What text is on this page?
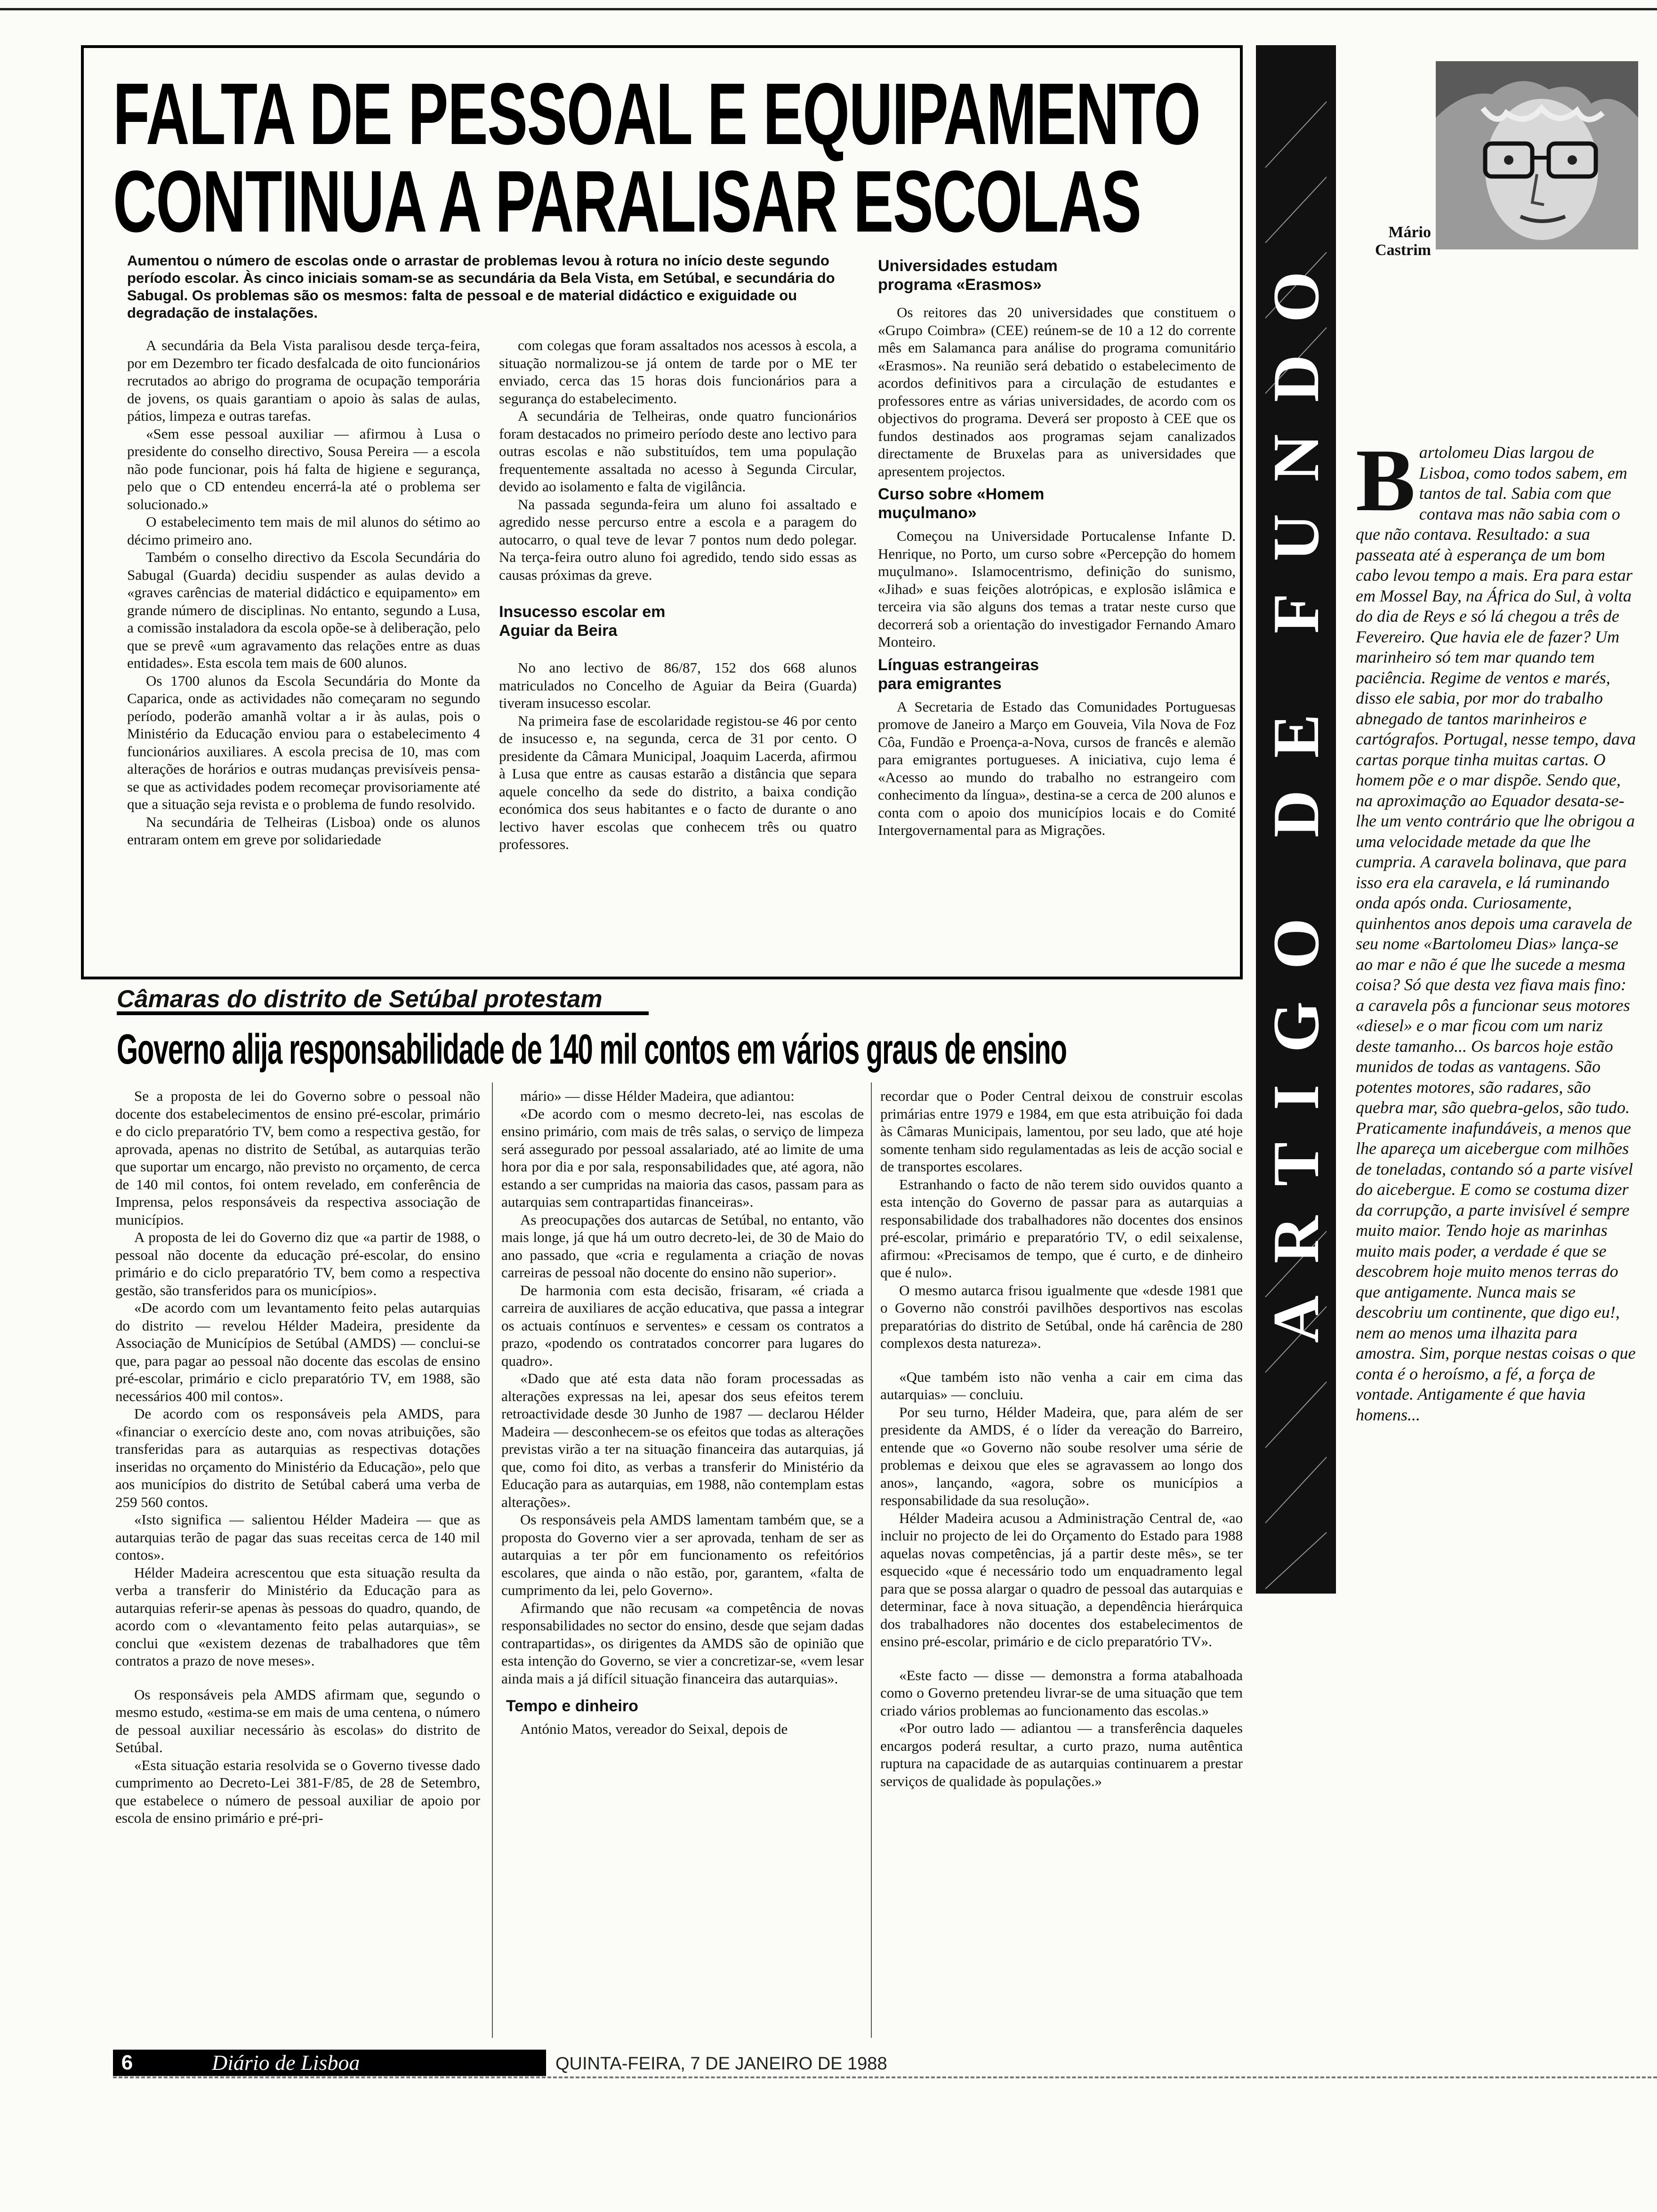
FALTA DE PESSOAL E EQUIPAMENTO
CONTINUA A PARALISAR ESCOLAS

Aumentou o número de escolas onde o arrastar de problemas levou à rotura no início deste segundo período escolar. Às cinco iniciais somam-se as secundária da Bela Vista, em Setúbal, e secundária do Sabugal. Os problemas são os mesmos: falta de pessoal e de material didáctico e exiguidade ou degradação de instalações.

A secundária da Bela Vista paralisou desde terça-feira, por em Dezembro ter ficado desfalcada de oito funcionários recrutados ao abrigo do programa de ocupação temporária de jovens, os quais garantiam o apoio às salas de aulas, pátios, limpeza e outras tarefas.

«Sem esse pessoal auxiliar — afirmou à Lusa o presidente do conselho directivo, Sousa Pereira — a escola não pode funcionar, pois há falta de higiene e segurança, pelo que o CD entendeu encerrá-la até o problema ser solucionado.»

O estabelecimento tem mais de mil alunos do sétimo ao décimo primeiro ano.

Também o conselho directivo da Escola Secundária do Sabugal (Guarda) decidiu suspender as aulas devido a «graves carências de material didáctico e equipamento» em grande número de disciplinas. No entanto, segundo a Lusa, a comissão instaladora da escola opõe-se à deliberação, pelo que se prevê «um agravamento das relações entre as duas entidades». Esta escola tem mais de 600 alunos.

Os 1700 alunos da Escola Secundária do Monte da Caparica, onde as actividades não começaram no segundo período, poderão amanhã voltar a ir às aulas, pois o Ministério da Educação enviou para o estabelecimento 4 funcionários auxiliares. A escola precisa de 10, mas com alterações de horários e outras mudanças previsíveis pensa-se que as actividades podem recomeçar provisoriamente até que a situação seja revista e o problema de fundo resolvido.

Na secundária de Telheiras (Lisboa) onde os alunos entraram ontem em greve por solidariedade

com colegas que foram assaltados nos acessos à escola, a situação normalizou-se já ontem de tarde por o ME ter enviado, cerca das 15 horas dois funcionários para a segurança do estabelecimento.

A secundária de Telheiras, onde quatro funcionários foram destacados no primeiro período deste ano lectivo para outras escolas e não substituídos, tem uma população frequentemente assaltada no acesso à Segunda Circular, devido ao isolamento e falta de vigilância.

Na passada segunda-feira um aluno foi assaltado e agredido nesse percurso entre a escola e a paragem do autocarro, o qual teve de levar 7 pontos num dedo polegar. Na terça-feira outro aluno foi agredido, tendo sido essas as causas próximas da greve.

Insucesso escolar em Aguiar da Beira

No ano lectivo de 86/87, 152 dos 668 alunos matriculados no Concelho de Aguiar da Beira (Guarda) tiveram insucesso escolar.

Na primeira fase de escolaridade registou-se 46 por cento de insucesso e, na segunda, cerca de 31 por cento. O presidente da Câmara Municipal, Joaquim Lacerda, afirmou à Lusa que entre as causas estarão a distância que separa aquele concelho da sede do distrito, a baixa condição económica dos seus habitantes e o facto de durante o ano lectivo haver escolas que conhecem três ou quatro professores.

Universidades estudam programa «Erasmos»

Os reitores das 20 universidades que constituem o «Grupo Coimbra» (CEE) reúnem-se de 10 a 12 do corrente mês em Salamanca para análise do programa comunitário «Erasmos». Na reunião será debatido o estabelecimento de acordos definitivos para a circulação de estudantes e professores entre as várias universidades, de acordo com os objectivos do programa. Deverá ser proposto à CEE que os fundos destinados aos programas sejam canalizados directamente de Bruxelas para as universidades que apresentem projectos.

Curso sobre «Homem muçulmano»

Começou na Universidade Portucalense Infante D. Henrique, no Porto, um curso sobre «Percepção do homem muçulmano». Islamocentrismo, definição do sunismo, «Jihad» e suas feições alotrópicas, e explosão islâmica e terceira via são alguns dos temas a tratar neste curso que decorrerá sob a orientação do investigador Fernando Amaro Monteiro.

Línguas estrangeiras para emigrantes

A Secretaria de Estado das Comunidades Portuguesas promove de Janeiro a Março em Gouveia, Vila Nova de Foz Côa, Fundão e Proença-a-Nova, cursos de francês e alemão para emigrantes portugueses. A iniciativa, cujo lema é «Acesso ao mundo do trabalho no estrangeiro com conhecimento da língua», destina-se a cerca de 200 alunos e conta com o apoio dos municípios locais e do Comité Intergovernamental para as Migrações.

Câmaras do distrito de Setúbal protestam
Governo alija responsabilidade de 140 mil contos em vários graus de ensino

Se a proposta de lei do Governo sobre o pessoal não docente dos estabelecimentos de ensino pré-escolar, primário e do ciclo preparatório TV, bem como a respectiva gestão, for aprovada, apenas no distrito de Setúbal, as autarquias terão que suportar um encargo, não previsto no orçamento, de cerca de 140 mil contos, foi ontem revelado, em conferência de Imprensa, pelos responsáveis da respectiva associação de municípios.

A proposta de lei do Governo diz que «a partir de 1988, o pessoal não docente da educação pré-escolar, do ensino primário e do ciclo preparatório TV, bem como a respectiva gestão, são transferidos para os municípios».

«De acordo com um levantamento feito pelas autarquias do distrito — revelou Hélder Madeira, presidente da Associação de Municípios de Setúbal (AMDS) — conclui-se que, para pagar ao pessoal não docente das escolas de ensino pré-escolar, primário e ciclo preparatório TV, em 1988, são necessários 400 mil contos».

De acordo com os responsáveis pela AMDS, para «financiar o exercício deste ano, com novas atribuições, são transferidas para as autarquias as respectivas dotações inseridas no orçamento do Ministério da Educação», pelo que aos municípios do distrito de Setúbal caberá uma verba de 259 560 contos.

«Isto significa — salientou Hélder Madeira — que as autarquias terão de pagar das suas receitas cerca de 140 mil contos».

Hélder Madeira acrescentou que esta situação resulta da verba a transferir do Ministério da Educação para as autarquias referir-se apenas às pessoas do quadro, quando, de acordo com o «levantamento feito pelas autarquias», se conclui que «existem dezenas de trabalhadores que têm contratos a prazo de nove meses».

Os responsáveis pela AMDS afirmam que, segundo o mesmo estudo, «estima-se em mais de uma centena, o número de pessoal auxiliar necessário às escolas» do distrito de Setúbal.

«Esta situação estaria resolvida se o Governo tivesse dado cumprimento ao Decreto-Lei 381-F/85, de 28 de Setembro, que estabelece o número de pessoal auxiliar de apoio por escola de ensino primário e pré-pri-

mário» — disse Hélder Madeira, que adiantou:

«De acordo com o mesmo decreto-lei, nas escolas de ensino primário, com mais de três salas, o serviço de limpeza será assegurado por pessoal assalariado, até ao limite de uma hora por dia e por sala, responsabilidades que, até agora, não estando a ser cumpridas na maioria das casos, passam para as autarquias sem contrapartidas financeiras».

As preocupações dos autarcas de Setúbal, no entanto, vão mais longe, já que há um outro decreto-lei, de 30 de Maio do ano passado, que «cria e regulamenta a criação de novas carreiras de pessoal não docente do ensino não superior».

De harmonia com esta decisão, frisaram, «é criada a carreira de auxiliares de acção educativa, que passa a integrar os actuais contínuos e serventes» e cessam os contratos a prazo, «podendo os contratados concorrer para lugares do quadro».

«Dado que até esta data não foram processadas as alterações expressas na lei, apesar dos seus efeitos terem retroactividade desde 30 Junho de 1987 — declarou Hélder Madeira — desconhecem-se os efeitos que todas as alterações previstas virão a ter na situação financeira das autarquias, já que, como foi dito, as verbas a transferir do Ministério da Educação para as autarquias, em 1988, não contemplam estas alterações».

Os responsáveis pela AMDS lamentam também que, se a proposta do Governo vier a ser aprovada, tenham de ser as autarquias a ter pôr em funcionamento os refeitórios escolares, que ainda o não estão, por, garantem, «falta de cumprimento da lei, pelo Governo».

Afirmando que não recusam «a competência de novas responsabilidades no sector do ensino, desde que sejam dadas contrapartidas», os dirigentes da AMDS são de opinião que esta intenção do Governo, se vier a concretizar-se, «vem lesar ainda mais a já difícil situação financeira das autarquias».

Tempo e dinheiro

António Matos, vereador do Seixal, depois de

recordar que o Poder Central deixou de construir escolas primárias entre 1979 e 1984, em que esta atribuição foi dada às Câmaras Municipais, lamentou, por seu lado, que até hoje somente tenham sido regulamentadas as leis de acção social e de transportes escolares.

Estranhando o facto de não terem sido ouvidos quanto a esta intenção do Governo de passar para as autarquias a responsabilidade dos trabalhadores não docentes dos ensinos pré-escolar, primário e preparatório TV, o edil seixalense, afirmou: «Precisamos de tempo, que é curto, e de dinheiro que é nulo».

O mesmo autarca frisou igualmente que «desde 1981 que o Governo não constrói pavilhões desportivos nas escolas preparatórias do distrito de Setúbal, onde há carência de 280 complexos desta natureza».

«Que também isto não venha a cair em cima das autarquias» — concluiu.

Por seu turno, Hélder Madeira, que, para além de ser presidente da AMDS, é o líder da vereação do Barreiro, entende que «o Governo não soube resolver uma série de problemas e deixou que eles se agravassem ao longo dos anos», lançando, «agora, sobre os municípios a responsabilidade da sua resolução».

Hélder Madeira acusou a Administração Central de, «ao incluir no projecto de lei do Orçamento do Estado para 1988 aquelas novas competências, já a partir deste mês», se ter esquecido «que é necessário todo um enquadramento legal para que se possa alargar o quadro de pessoal das autarquias e determinar, face à nova situação, a dependência hierárquica dos trabalhadores não docentes dos estabelecimentos de ensino pré-escolar, primário e de ciclo preparatório TV».

«Este facto — disse — demonstra a forma atabalhoada como o Governo pretendeu livrar-se de uma situação que tem criado vários problemas ao funcionamento das escolas.»

«Por outro lado — adiantou — a transferência daqueles encargos poderá resultar, a curto prazo, numa autêntica ruptura na capacidade de as autarquias continuarem a prestar serviços de qualidade às populações.»

ARTIGO DE FUNDO
Mário
Castrim
B artolomeu Dias largou de Lisboa, como todos sabem, em tantos de tal. Sabia com que contava mas não sabia com o que não contava. Resultado: a sua passeata até à esperança de um bom cabo levou tempo a mais. Era para estar em Mossel Bay, na África do Sul, à volta do dia de Reys e só lá chegou a três de Fevereiro. Que havia ele de fazer? Um marinheiro só tem mar quando tem paciência. Regime de ventos e marés, disso ele sabia, por mor do trabalho abnegado de tantos marinheiros e cartógrafos. Portugal, nesse tempo, dava cartas porque tinha muitas cartas. O homem põe e o mar dispõe. Sendo que, na aproximação ao Equador desata-se-lhe um vento contrário que lhe obrigou a uma velocidade metade da que lhe cumpria. A caravela bolinava, que para isso era ela caravela, e lá ruminando onda após onda. Curiosamente, quinhentos anos depois uma caravela de seu nome «Bartolomeu Dias» lança-se ao mar e não é que lhe sucede a mesma coisa? Só que desta vez fiava mais fino: a caravela pôs a funcionar seus motores «diesel» e o mar ficou com um nariz deste tamanho... Os barcos hoje estão munidos de todas as vantagens. São potentes motores, são radares, são quebra mar, são quebra-gelos, são tudo. Praticamente inafundáveis, a menos que lhe apareça um aicebergue com milhões de toneladas, contando só a parte visível do aicebergue. E como se costuma dizer da corrupção, a parte invisível é sempre muito maior. Tendo hoje as marinhas muito mais poder, a verdade é que se descobrem hoje muito menos terras do que antigamente. Nunca mais se descobriu um continente, que digo eu!, nem ao menos uma ilhazita para amostra. Sim, porque nestas coisas o que conta é o heroísmo, a fé, a força de vontade. Antigamente é que havia homens...

6	Diário de Lisboa	QUINTA-FEIRA, 7 DE JANEIRO DE 1988
